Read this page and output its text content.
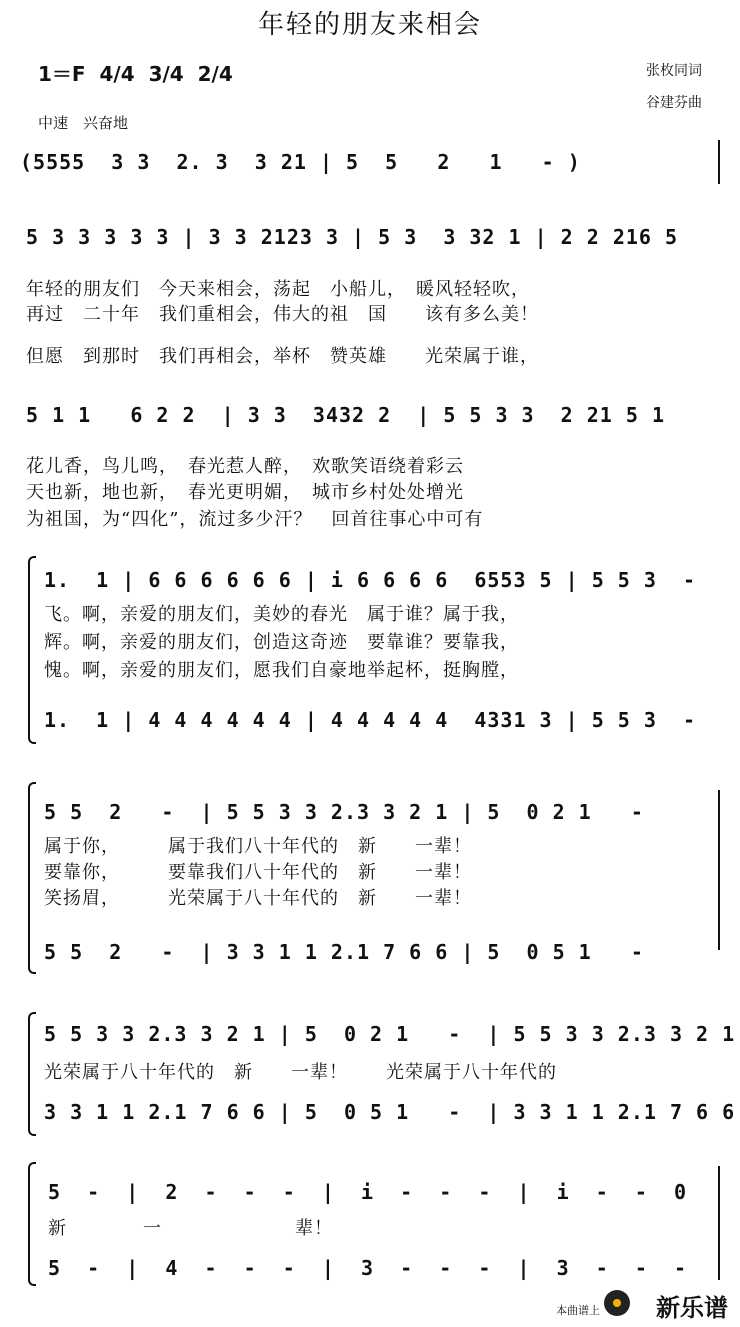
年轻的朋友来相会
1＝F  4/4  3/4  2/4	张枚同词
谷建芬曲
中速　兴奋地
(5555  3 3  2. 3  3 21 | 5  5   2   1   - )
5 3 3 3 3 3 | 3 3 2123 3 | 5 3  3 32 1 | 2 2 216 5
年轻的朋友们　今天来相会，荡起　小船儿，　暖风轻轻吹，
再过　二十年　我们重相会，伟大的祖　国　　该有多么美！
但愿　到那时　我们再相会，举杯　赞英雄　　光荣属于谁，
5 1 1   6 2 2  | 3 3  3432 2  | 5 5 3 3  2 21 5 1
花儿香，鸟儿鸣，　春光惹人醉，　欢歌笑语绕着彩云
天也新，地也新，　春光更明媚，　城市乡村处处增光
为祖国，为“四化”，流过多少汗？　回首往事心中可有
1.  1 | 6 6 6 6 6 6 | i 6 6 6 6  6553 5 | 5 5 3  -
飞。啊，亲爱的朋友们，美妙的春光　属于谁？属于我，
辉。啊，亲爱的朋友们，创造这奇迹　要靠谁？要靠我，
愧。啊，亲爱的朋友们，愿我们自豪地举起杯，挺胸膛，
1.  1 | 4 4 4 4 4 4 | 4 4 4 4 4  4331 3 | 5 5 3  -
5 5  2   -  | 5 5 3 3 2.3 3 2 1 | 5  0 2 1   -
属于你，　　　属于我们八十年代的　新　　一辈！
要靠你，　　　要靠我们八十年代的　新　　一辈！
笑扬眉，　　　光荣属于八十年代的　新　　一辈！
5 5  2   -  | 3 3 1 1 2.1 7 6 6 | 5  0 5 1   -
5 5 3 3 2.3 3 2 1 | 5  0 2 1   -  | 5 5 3 3 2.3 3 2 1
光荣属于八十年代的　新　　一辈！　　光荣属于八十年代的
3 3 1 1 2.1 7 6 6 | 5  0 5 1   -  | 3 3 1 1 2.1 7 6 6
5  -  |  2  -  -  -  |  i  -  -  -  |  i  -  -  0
新　　　　一　　　　　　　辈！
5  -  |  4  -  -  -  |  3  -  -  -  |  3  -  -  -
本曲谱上 新乐谱
